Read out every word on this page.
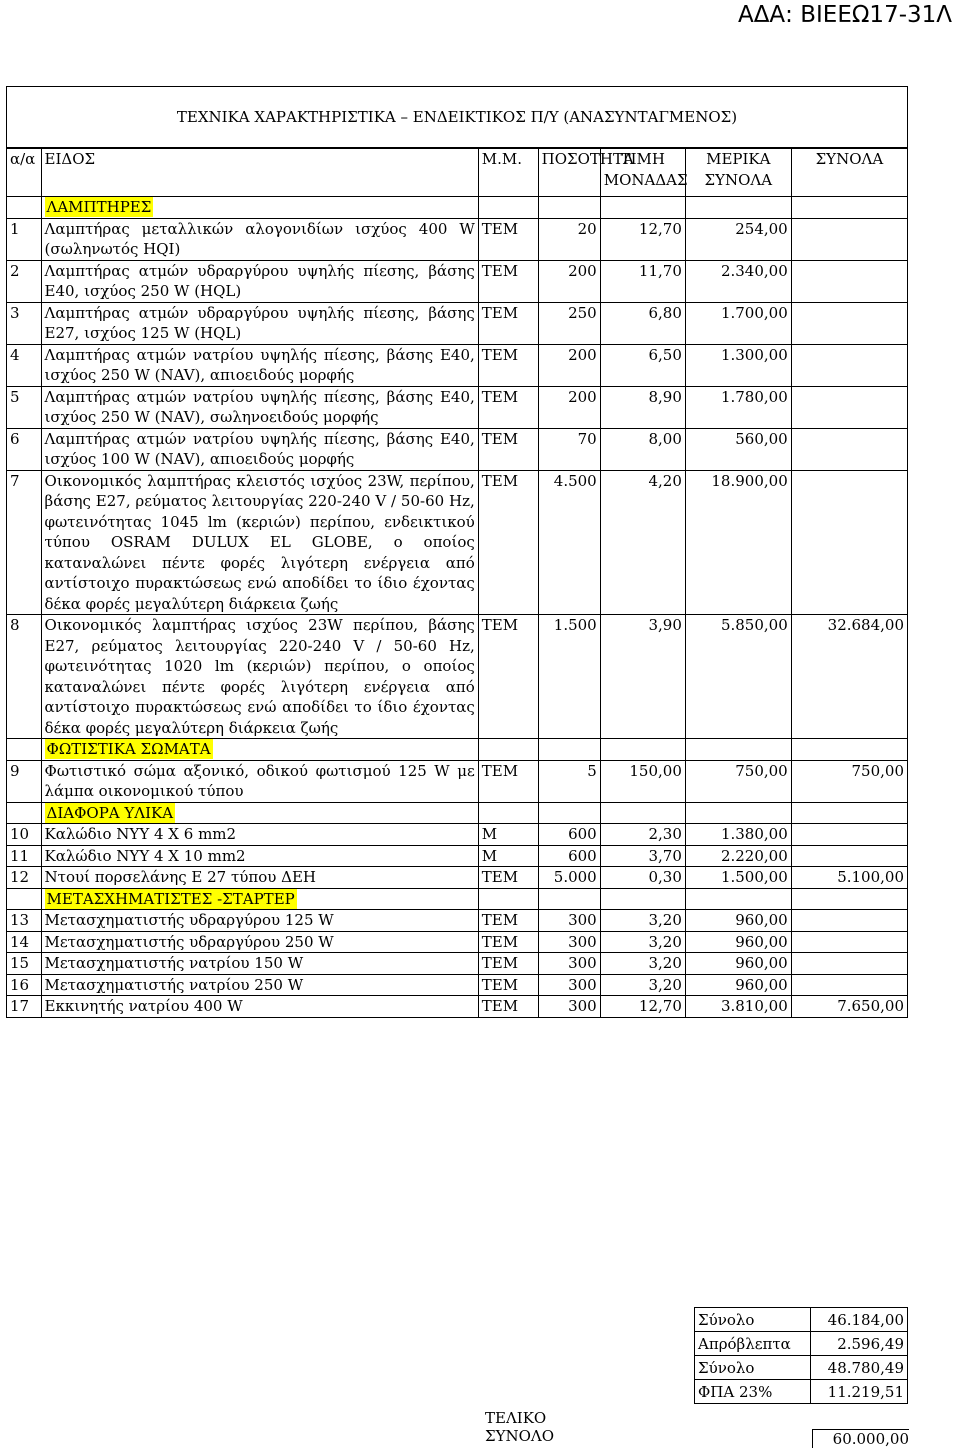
ΑΔΑ: ΒΙΕΕΩ17-31Λ
ΤΕΧΝΙΚΑ ΧΑΡΑΚΤΗΡΙΣΤΙΚΑ – ΕΝΔΕΙΚΤΙΚΟΣ Π/Υ (ΑΝΑΣΥΝΤΑΓΜΕΝΟΣ)
α/α	ΕΙΔΟΣ	Μ.Μ.	ΠΟΣΟΤΗΤΑ	ΤΙΜΗ ΜΟΝΑΔΑΣ	ΜΕΡΙΚΑ ΣΥΝΟΛΑ	ΣΥΝΟΛΑ
	ΛΑΜΠΤΗΡΕΣ					
1	Λαμπτήρας μεταλλικών αλογονιδίων ισχύος 400 W (σωληνωτός HQI)	ΤΕΜ	20	12,70	254,00	
2	Λαμπτήρας ατμών υδραργύρου υψηλής πίεσης, βάσης Ε40, ισχύος 250 W (HQL)	ΤΕΜ	200	11,70	2.340,00	
3	Λαμπτήρας ατμών υδραργύρου υψηλής πίεσης, βάσης Ε27, ισχύος 125 W (HQL)	ΤΕΜ	250	6,80	1.700,00	
4	Λαμπτήρας ατμών νατρίου υψηλής πίεσης, βάσης Ε40, ισχύος 250 W (NAV), απιοειδούς μορφής	ΤΕΜ	200	6,50	1.300,00	
5	Λαμπτήρας ατμών νατρίου υψηλής πίεσης, βάσης Ε40, ισχύος 250 W (NAV), σωληνοειδούς μορφής	ΤΕΜ	200	8,90	1.780,00	
6	Λαμπτήρας ατμών νατρίου υψηλής πίεσης, βάσης Ε40, ισχύος 100 W (NAV), απιοειδούς μορφής	ΤΕΜ	70	8,00	560,00	
7	Οικονομικός λαμπτήρας κλειστός ισχύος 23W, περίπου, βάσης Ε27, ρεύματος λειτουργίας 220-240 V / 50-60 Hz, φωτεινότητας 1045 lm (κεριών) περίπου, ενδεικτικού τύπου OSRAM DULUX EL GLOBE, ο οποίος καταναλώνει πέντε φορές λιγότερη ενέργεια από αντίστοιχο πυρακτώσεως ενώ αποδίδει το ίδιο έχοντας δέκα φορές μεγαλύτερη διάρκεια ζωής	ΤΕΜ	4.500	4,20	18.900,00	
8	Οικονομικός λαμπτήρας ισχύος 23W περίπου, βάσης Ε27, ρεύματος λειτουργίας 220-240 V / 50-60 Hz, φωτεινότητας 1020 lm (κεριών) περίπου, ο οποίος καταναλώνει πέντε φορές λιγότερη ενέργεια από αντίστοιχο πυρακτώσεως ενώ αποδίδει το ίδιο έχοντας δέκα φορές μεγαλύτερη διάρκεια ζωής	ΤΕΜ	1.500	3,90	5.850,00	32.684,00
	ΦΩΤΙΣΤΙΚΑ ΣΩΜΑΤΑ					
9	Φωτιστικό σώμα αξονικό, οδικού φωτισμού 125 W με λάμπα οικονομικού τύπου	ΤΕΜ	5	150,00	750,00	750,00
	ΔΙΑΦΟΡΑ ΥΛΙΚΑ					
10	Καλώδιο ΝΥΥ 4 Χ 6 mm2	Μ	600	2,30	1.380,00	
11	Καλώδιο ΝΥΥ 4 Χ 10 mm2	Μ	600	3,70	2.220,00	
12	Ντουί πορσελάνης Ε 27 τύπου ΔΕΗ	ΤΕΜ	5.000	0,30	1.500,00	5.100,00
	ΜΕΤΑΣΧΗΜΑΤΙΣΤΕΣ -ΣΤΑΡΤΕΡ					
13	Μετασχηματιστής υδραργύρου 125 W	ΤΕΜ	300	3,20	960,00	
14	Μετασχηματιστής υδραργύρου 250 W	ΤΕΜ	300	3,20	960,00	
15	Μετασχηματιστής νατρίου 150 W	ΤΕΜ	300	3,20	960,00	
16	Μετασχηματιστής νατρίου 250 W	ΤΕΜ	300	3,20	960,00	
17	Εκκινητής νατρίου 400 W	ΤΕΜ	300	12,70	3.810,00	7.650,00
Σύνολο	46.184,00
Απρόβλεπτα	2.596,49
Σύνολο	48.780,49
ΦΠΑ 23%	11.219,51
ΤΕΛΙΚΟ
ΣΥΝΟΛΟ	60.000,00
